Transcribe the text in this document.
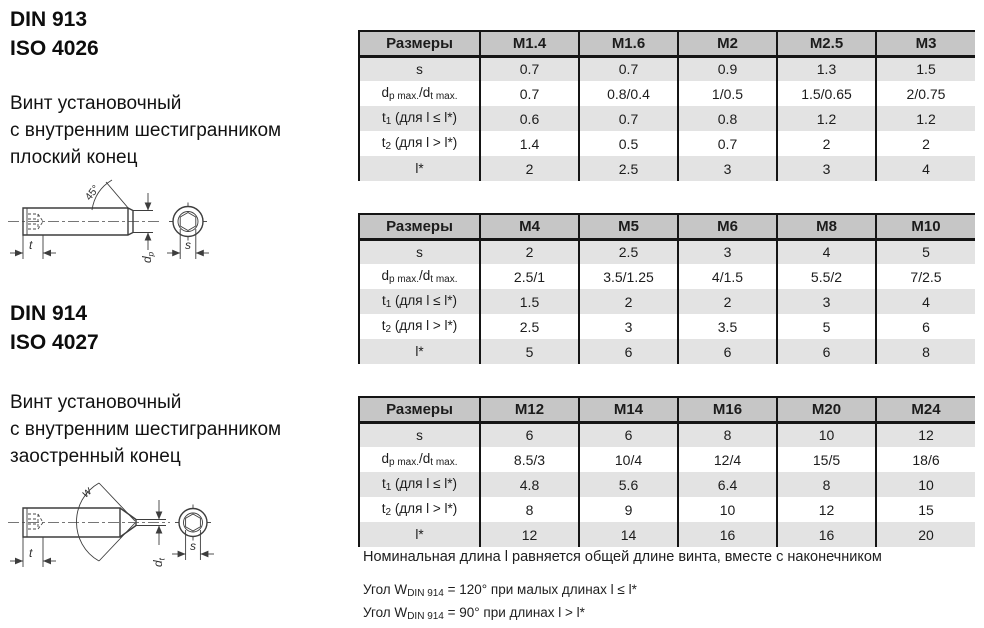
DIN 913
ISO 4026
Винт установочный
с внутренним шестигранником
плоский конец
45°
t
$d_p$
s
DIN 914
ISO 4027
Винт установочный
с внутренним шестигранником
заостренный конец
w
t
$d_t$
s
Размеры	M1.4	M1.6	M2	M2.5	M3
s	0.7	0.7	0.9	1.3	1.5
$d_{p max.}/d_{t max.}$	0.7	0.8/0.4	1/0.5	1.5/0.65	2/0.75
$t_1$ (для l ≤ l*)	0.6	0.7	0.8	1.2	1.2
$t_2$ (для l > l*)	1.4	0.5	0.7	2	2
l*	2	2.5	3	3	4
Размеры	M4	M5	M6	M8	M10
s	2	2.5	3	4	5
$d_{p max.}/d_{t max.}$	2.5/1	3.5/1.25	4/1.5	5.5/2	7/2.5
$t_1$ (для l ≤ l*)	1.5	2	2	3	4
$t_2$ (для l > l*)	2.5	3	3.5	5	6
l*	5	6	6	6	8
Размеры	M12	M14	M16	M20	M24
s	6	6	8	10	12
$d_{p max.}/d_{t max.}$	8.5/3	10/4	12/4	15/5	18/6
$t_1$ (для l ≤ l*)	4.8	5.6	6.4	8	10
$t_2$ (для l > l*)	8	9	10	12	15
l*	12	14	16	16	20
Номинальная длина l равняется общей длине винта, вместе с наконечником
Угол $W_{DIN 914} = 120^\circ$ при малых длинах l ≤ l*
Угол $W_{DIN 914} = 90^\circ$ при длинах l > l*
